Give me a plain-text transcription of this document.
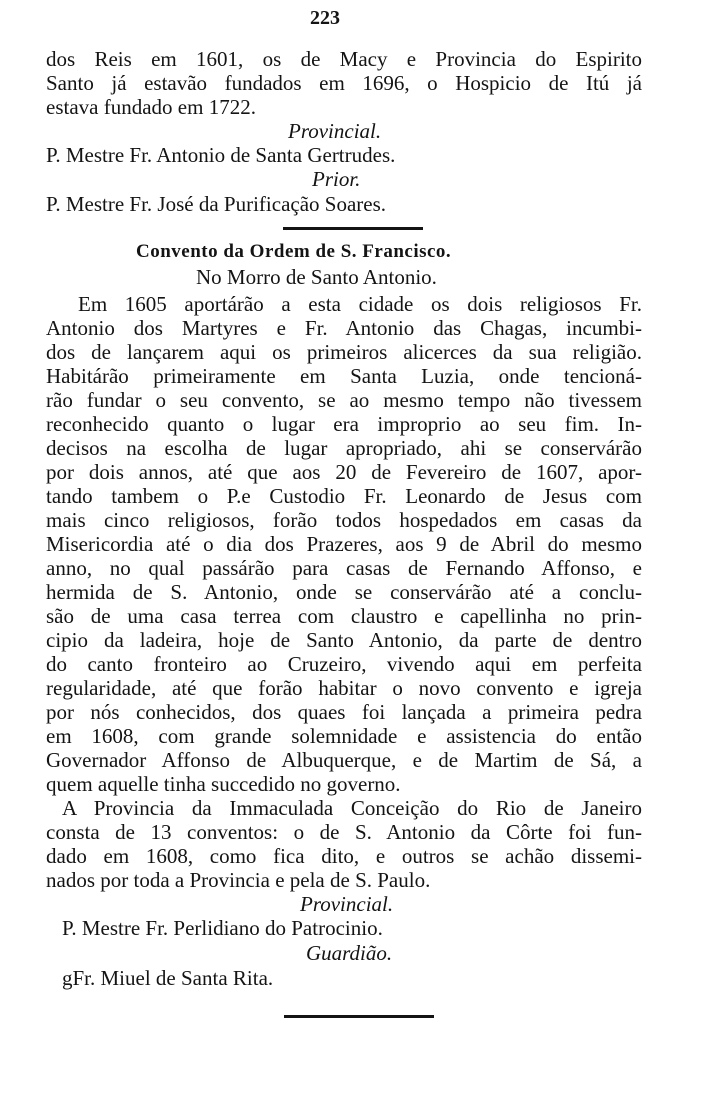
223
dos Reis em 1601, os de Macy e Provincia do Espirito
Santo já estavão fundados em 1696, o Hospicio de Itú já
estava fundado em 1722.
Provincial.
P. Mestre Fr. Antonio de Santa Gertrudes.
Prior.
P. Mestre Fr. José da Purificação Soares.
Convento da Ordem de S. Francisco.
No Morro de Santo Antonio.
Em 1605 aportárão a esta cidade os dois religiosos Fr.
Antonio dos Martyres e Fr. Antonio das Chagas, incumbi-
dos de lançarem aqui os primeiros alicerces da sua religião.
Habitárão primeiramente em Santa Luzia, onde tencioná-
rão fundar o seu convento, se ao mesmo tempo não tivessem
reconhecido quanto o lugar era improprio ao seu fim. In-
decisos na escolha de lugar apropriado, ahi se conservárão
por dois annos, até que aos 20 de Fevereiro de 1607, apor-
tando tambem o P.e Custodio Fr. Leonardo de Jesus com
mais cinco religiosos, forão todos hospedados em casas da
Misericordia até o dia dos Prazeres, aos 9 de Abril do mesmo
anno, no qual passárão para casas de Fernando Affonso, e
hermida de S. Antonio, onde se conservárão até a conclu-
são de uma casa terrea com claustro e capellinha no prin-
cipio da ladeira, hoje de Santo Antonio, da parte de dentro
do canto fronteiro ao Cruzeiro, vivendo aqui em perfeita
regularidade, até que forão habitar o novo convento e igreja
por nós conhecidos, dos quaes foi lançada a primeira pedra
em 1608, com grande solemnidade e assistencia do então
Governador Affonso de Albuquerque, e de Martim de Sá, a
quem aquelle tinha succedido no governo.
A Provincia da Immaculada Conceição do Rio de Janeiro
consta de 13 conventos: o de S. Antonio da Côrte foi fun-
dado em 1608, como fica dito, e outros se achão dissemi-
nados por toda a Provincia e pela de S. Paulo.
Provincial.
P. Mestre Fr. Perlidiano do Patrocinio.
Guardião.
gFr. Miuel de Santa Rita.
